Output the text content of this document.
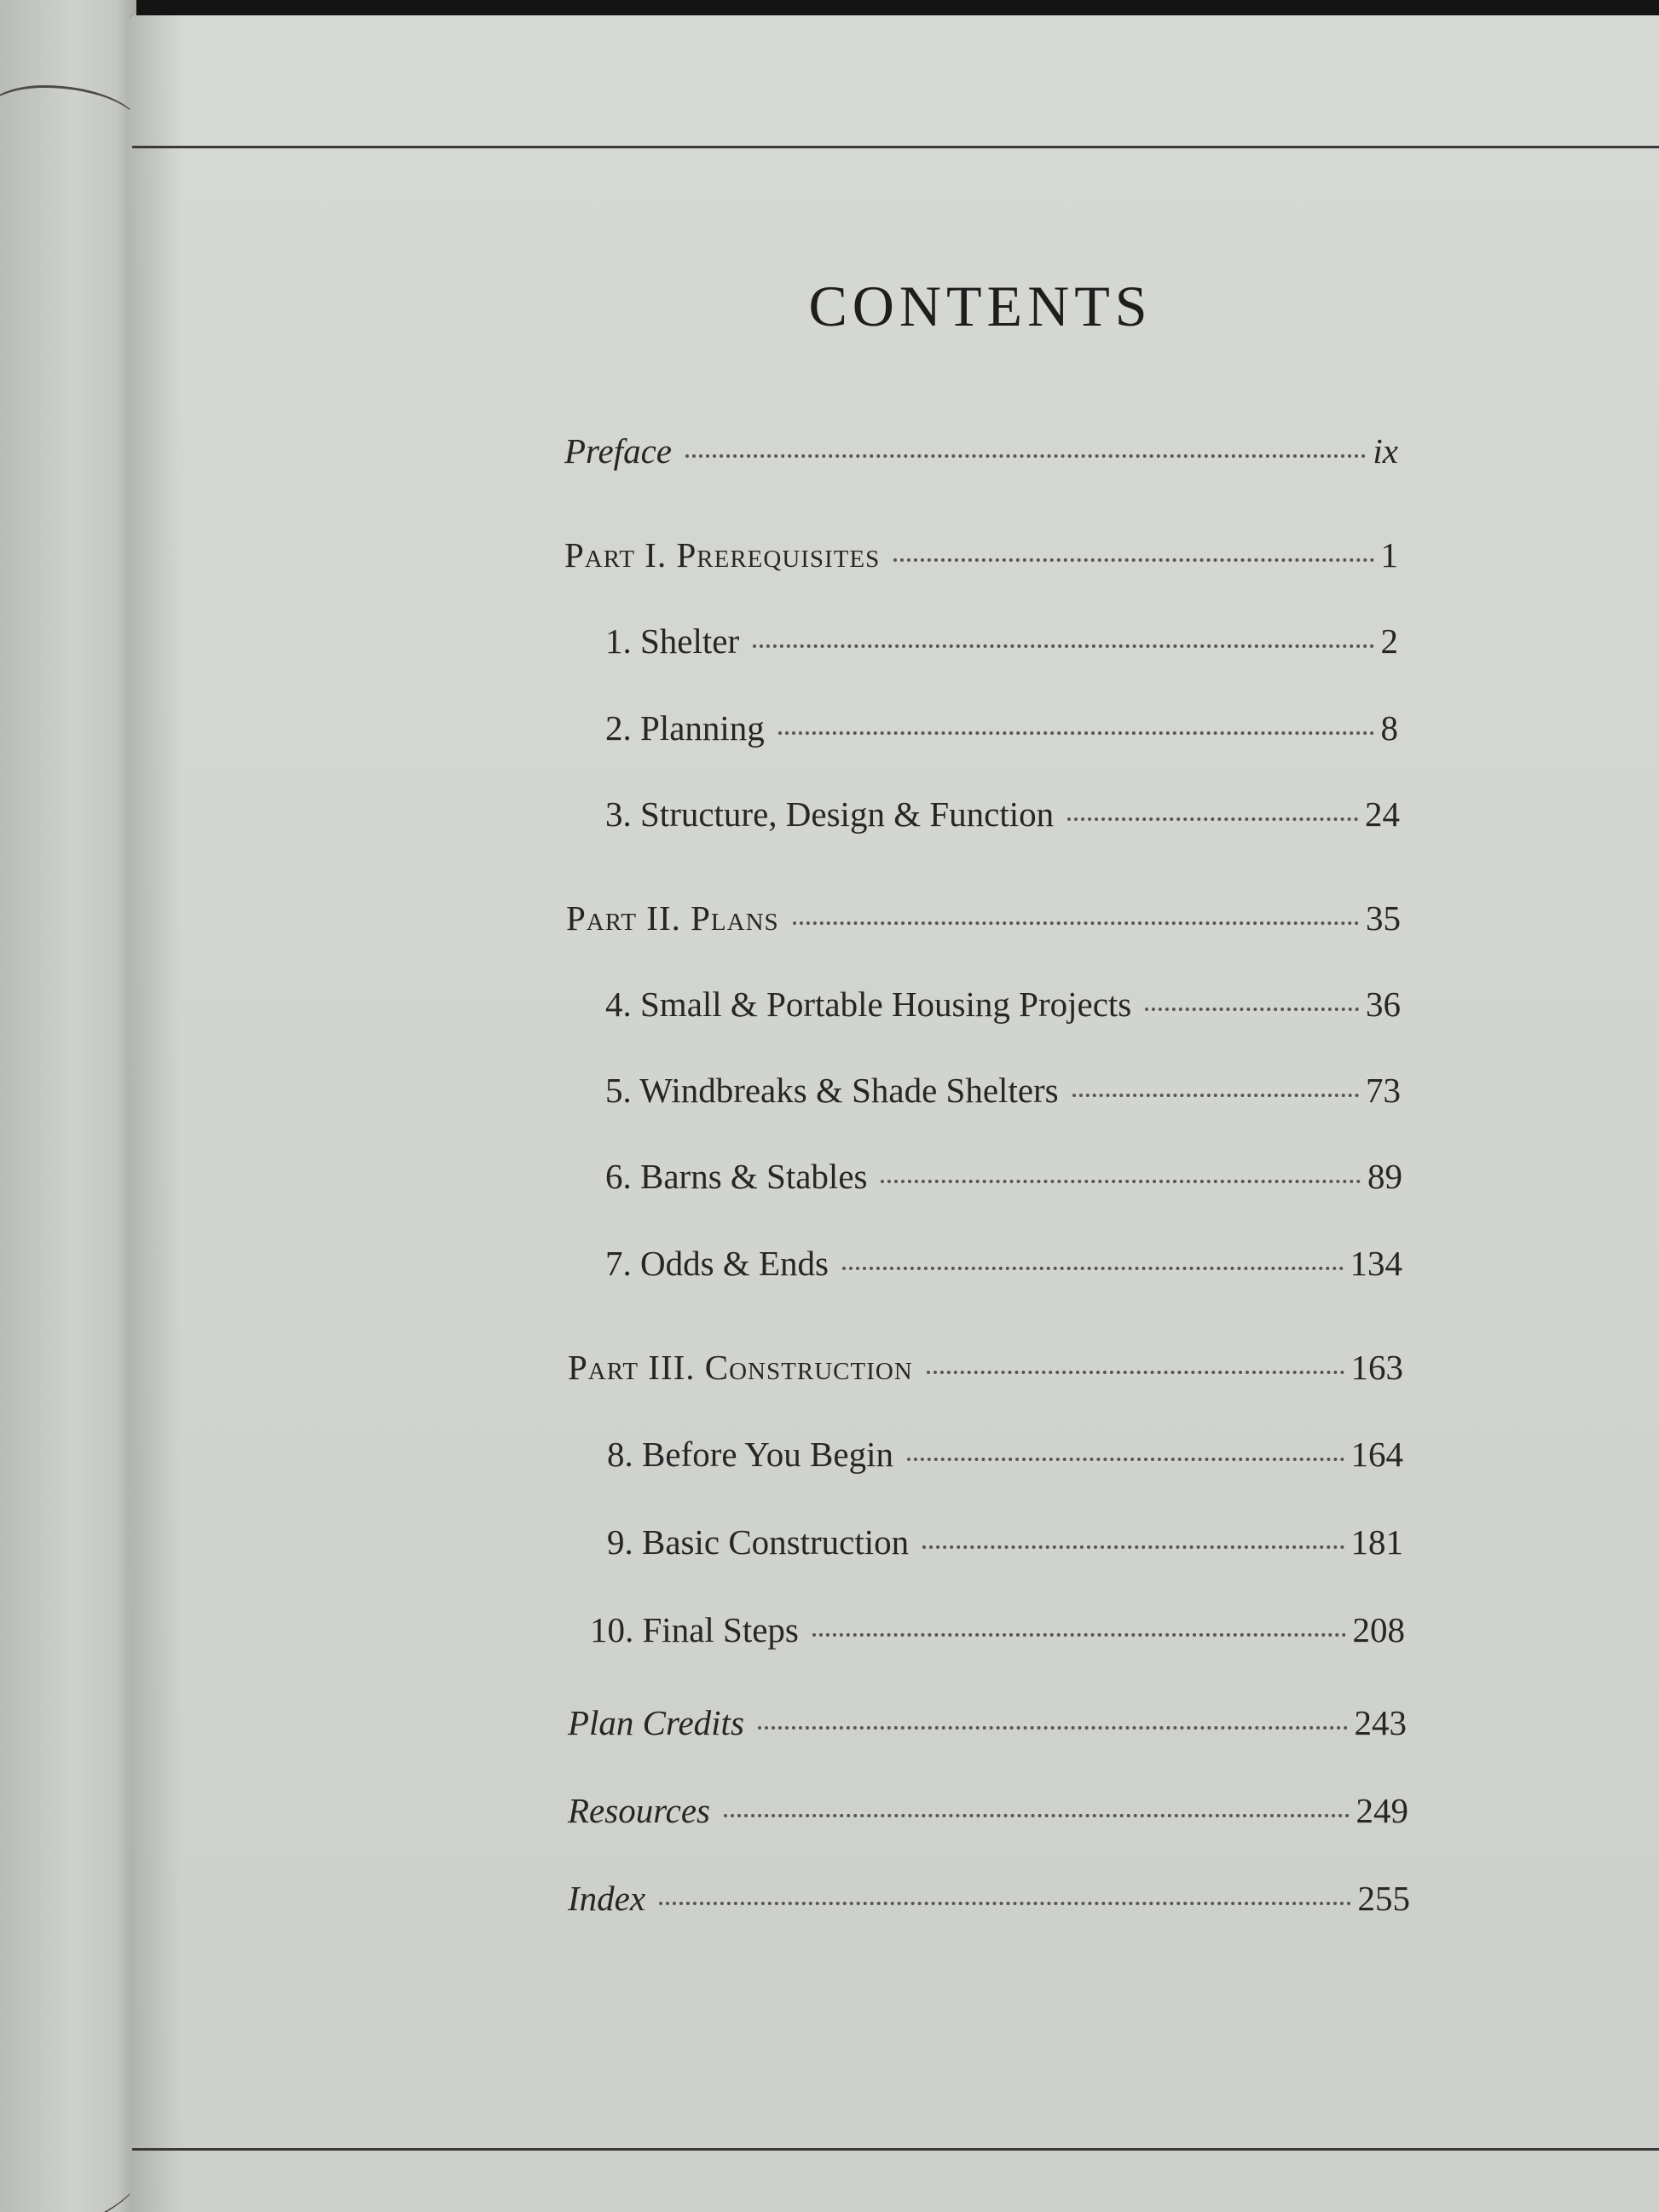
CONTENTS
Preface	ix
Part I. Prerequisites	1
1. Shelter	2
2. Planning	8
3. Structure, Design & Function	24
Part II. Plans	35
4. Small & Portable Housing Projects	36
5. Windbreaks & Shade Shelters	73
6. Barns & Stables	89
7. Odds & Ends	134
Part III. Construction	163
8. Before You Begin	164
9. Basic Construction	181
10. Final Steps	208
Plan Credits	243
Resources	249
Index	255
